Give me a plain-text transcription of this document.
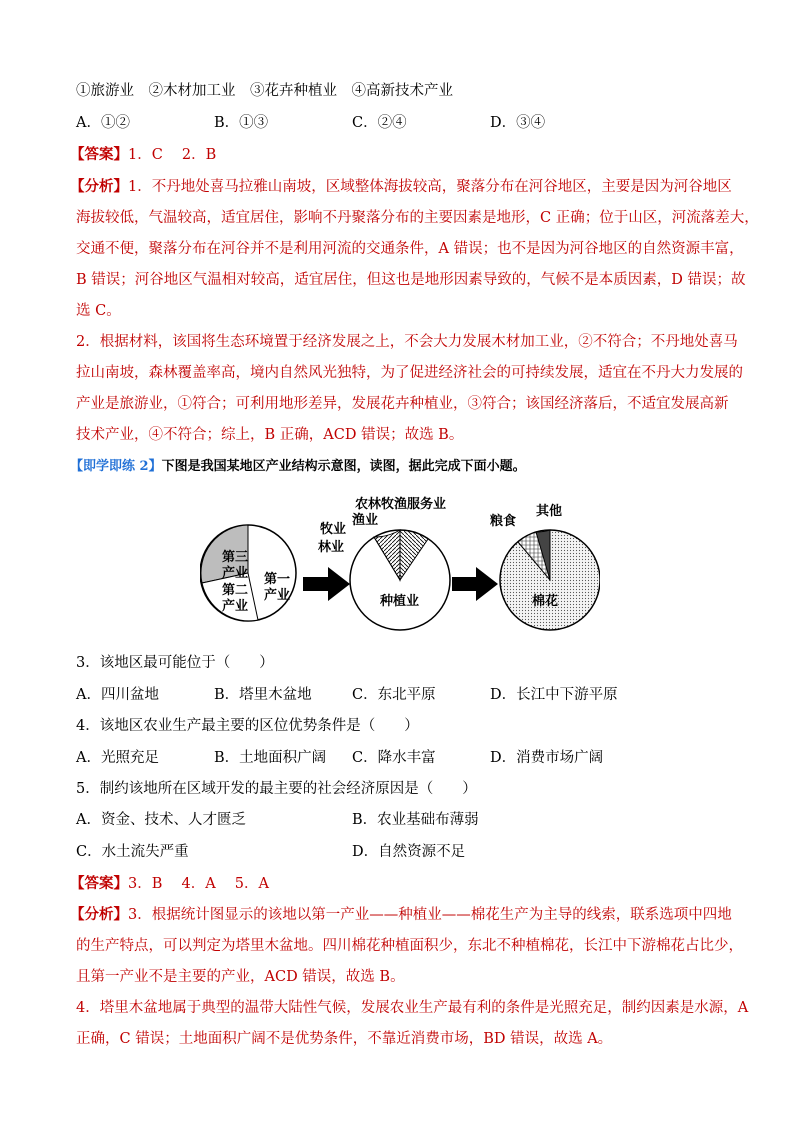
①旅游业　②木材加工业　③花卉种植业　④高新技术产业
A．①②	B．①③	C．②④	D．③④
【答案】1．C　 2．B
【分析】1．不丹地处喜马拉雅山南坡，区域整体海拔较高，聚落分布在河谷地区，主要是因为河谷地区
海拔较低，气温较高，适宜居住，影响不丹聚落分布的主要因素是地形，C 正确；位于山区，河流落差大，
交通不便，聚落分布在河谷并不是利用河流的交通条件，A 错误；也不是因为河谷地区的自然资源丰富，
B 错误；河谷地区气温相对较高，适宜居住，但这也是地形因素导致的，气候不是本质因素，D 错误；故
选 C。
2．根据材料，该国将生态环境置于经济发展之上，不会大力发展木材加工业，②不符合；不丹地处喜马
拉山南坡，森林覆盖率高，境内自然风光独特，为了促进经济社会的可持续发展，适宜在不丹大力发展的
产业是旅游业，①符合；可利用地形差异，发展花卉种植业，③符合；该国经济落后，不适宜发展高新
技术产业，④不符合；综上，B 正确，ACD 错误；故选 B。
【即学即练 2】下图是我国某地区产业结构示意图，读图，据此完成下面小题。
第三
产业
第二
产业
第一
产业
农林牧渔服务业
渔业
牧业
林业
种植业
粮食
其他
棉花
3．该地区最可能位于（　　）
A．四川盆地	B．塔里木盆地	C．东北平原	D．长江中下游平原
4．该地区农业生产最主要的区位优势条件是（　　）
A．光照充足	B．土地面积广阔 C．降水丰富	D．消费市场广阔
5．制约该地所在区域开发的最主要的社会经济原因是（　　）
A．资金、技术、人才匮乏	B．农业基础布薄弱
C．水土流失严重	D．自然资源不足
【答案】3．B　 4．A　 5．A
【分析】3．根据统计图显示的该地以第一产业——种植业——棉花生产为主导的线索，联系选项中四地
的生产特点，可以判定为塔里木盆地。四川棉花种植面积少，东北不种植棉花，长江中下游棉花占比少，
且第一产业不是主要的产业，ACD 错误，故选 B。
4．塔里木盆地属于典型的温带大陆性气候，发展农业生产最有利的条件是光照充足，制约因素是水源，A
正确，C 错误；土地面积广阔不是优势条件，不靠近消费市场，BD 错误，故选 A。
